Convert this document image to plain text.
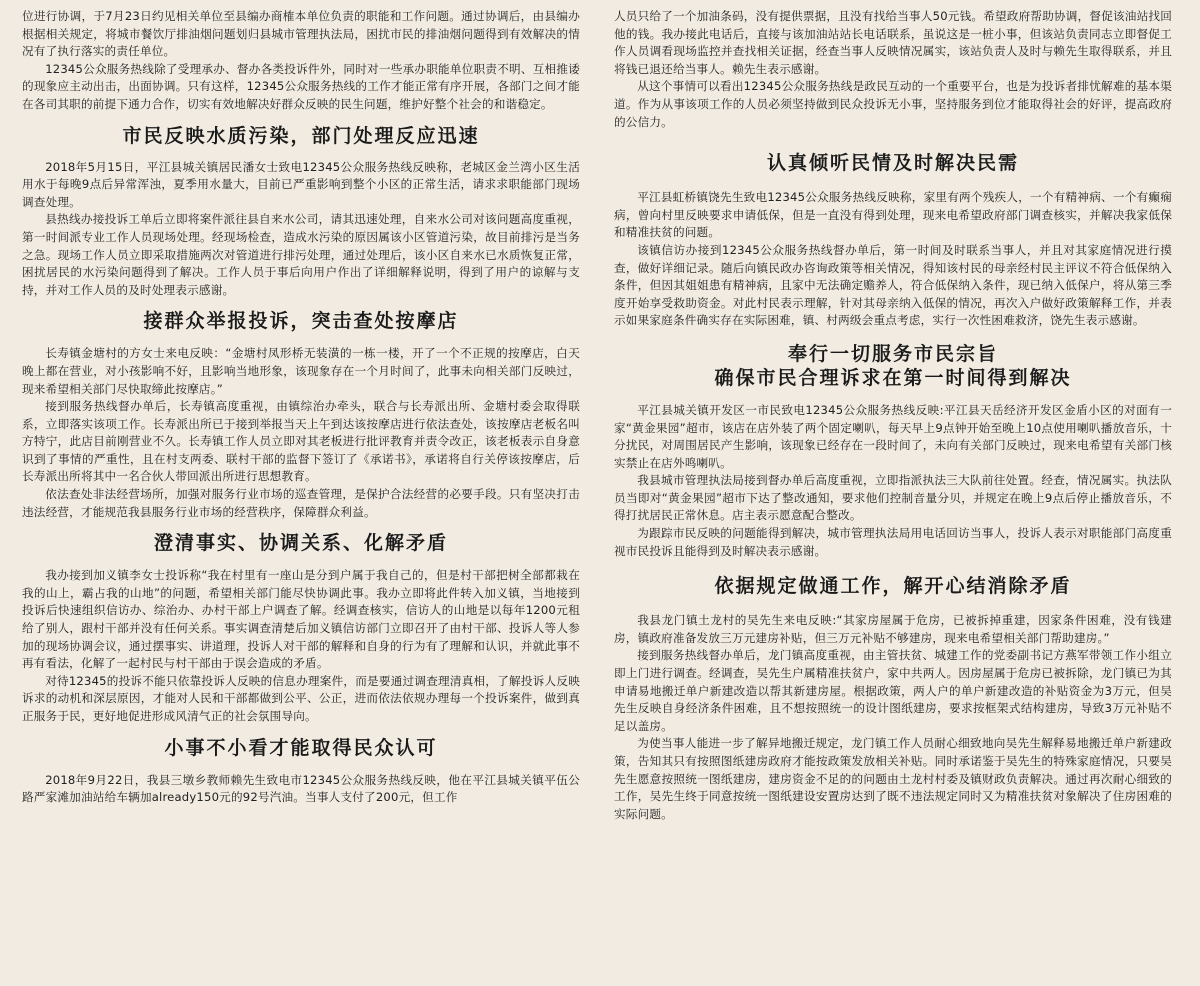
位进行协调，于7月23日约见相关单位至县编办商榷本单位负责的职能和工作问题。通过协调后，由县编办根据相关规定，将城市餐饮厅排油烟问题划归县城市管理执法局，困扰市民的排油烟问题得到有效解决的情况有了执行落实的责任单位。

12345公众服务热线除了受理承办、督办各类投诉件外，同时对一些承办职能单位职责不明、互相推诿的现象应主动出击，出面协调。只有这样，12345公众服务热线的工作才能正常有序开展，各部门之间才能在各司其职的前提下通力合作，切实有效地解决好群众反映的民生问题，维护好整个社会的和谐稳定。

市民反映水质污染，部门处理反应迅速

2018年5月15日，平江县城关镇居民潘女士致电12345公众服务热线反映称，老城区金兰湾小区生活用水于每晚9点后异常浑浊，夏季用水量大，目前已严重影响到整个小区的正常生活，请求求职能部门现场调查处理。

县热线办接投诉工单后立即将案件派往县自来水公司，请其迅速处理，自来水公司对该问题高度重视，第一时间派专业工作人员现场处理。经现场检查，造成水污染的原因属该小区管道污染，故目前排污是当务之急。现场工作人员立即采取措施两次对管道进行排污处理，通过处理后，该小区自来水已水质恢复正常，困扰居民的水污染问题得到了解决。工作人员于事后向用户作出了详细解释说明，得到了用户的谅解与支持，并对工作人员的及时处理表示感谢。

接群众举报投诉，突击查处按摩店

长寿镇金塘村的方女士来电反映：“金塘村凤形桥无装潢的一栋一楼，开了一个不正规的按摩店，白天晚上都在营业，对小孩影响不好，且影响当地形象，该现象存在一个月时间了，此事未向相关部门反映过，现来希望相关部门尽快取缔此按摩店。”

接到服务热线督办单后，长寿镇高度重视，由镇综治办牵头，联合与长寿派出所、金塘村委会取得联系，立即落实该项工作。长寿派出所已于接到举报当天上午到达该按摩店进行依法查处，该按摩店老板名叫方特宁，此店目前刚营业不久。长寿镇工作人员立即对其老板进行批评教育并责令改正，该老板表示自身意识到了事情的严重性，且在村支两委、联村干部的监督下签订了《承诺书》，承诺将自行关停该按摩店，后长寿派出所将其中一名合伙人带回派出所进行思想教育。

依法查处非法经营场所，加强对服务行业市场的巡查管理，是保护合法经营的必要手段。只有坚决打击违法经营，才能规范我县服务行业市场的经营秩序，保障群众利益。

澄清事实、协调关系、化解矛盾

我办接到加义镇李女士投诉称“我在村里有一座山是分到户属于我自己的，但是村干部把树全部都栽在我的山上，霸占我的山地”的问题，希望相关部门能尽快协调此事。我办立即将此件转入加义镇，当地接到投诉后快速组织信访办、综治办、办村干部上户调查了解。经调查核实，信访人的山地是以每年1200元租给了别人，跟村干部并没有任何关系。事实调查清楚后加义镇信访部门立即召开了由村干部、投诉人等人参加的现场协调会议，通过摆事实、讲道理，投诉人对干部的解释和自身的行为有了理解和认识，并就此事不再有看法，化解了一起村民与村干部由于误会造成的矛盾。

对待12345的投诉不能只依靠投诉人反映的信息办理案件，而是要通过调查理清真相，了解投诉人反映诉求的动机和深层原因，才能对人民和干部都做到公平、公正，进而依法依规办理每一个投诉案件，做到真正服务于民，更好地促进形成风清气正的社会氛围导向。

小事不小看才能取得民众认可

2018年9月22日，我县三墩乡教师赖先生致电市12345公众服务热线反映，他在平江县城关镇平伍公路严家滩加油站给车辆加already150元的92号汽油。当事人支付了200元，但工作

人员只给了一个加油条码，没有提供票据，且没有找给当事人50元钱。希望政府帮助协调，督促该油站找回他的钱。我办接此电话后，直接与该加油站站长电话联系，虽说这是一桩小事，但该站负责同志立即督促工作人员调看现场监控并查找相关证据，经查当事人反映情况属实，该站负责人及时与赖先生取得联系，并且将钱已退还给当事人。赖先生表示感谢。

从这个事情可以看出12345公众服务热线是政民互动的一个重要平台，也是为投诉者排忧解难的基本渠道。作为从事该项工作的人员必须坚持做到民众投诉无小事，坚持服务到位才能取得社会的好评，提高政府的公信力。

认真倾听民情及时解决民需

平江县虹桥镇饶先生致电12345公众服务热线反映称，家里有两个残疾人，一个有精神病、一个有癫痫病，曾向村里反映要求申请低保，但是一直没有得到处理，现来电希望政府部门调查核实，并解决我家低保和精准扶贫的问题。

该镇信访办接到12345公众服务热线督办单后，第一时间及时联系当事人，并且对其家庭情况进行摸查，做好详细记录。随后向镇民政办咨询政策等相关情况，得知该村民的母亲经村民主评议不符合低保纳入条件，但因其姐姐患有精神病，且家中无法确定赡养人，符合低保纳入条件，现已纳入低保户，将从第三季度开始享受救助资金。对此村民表示理解，针对其母亲纳入低保的情况，再次入户做好政策解释工作，并表示如果家庭条件确实存在实际困难，镇、村两级会重点考虑，实行一次性困难救济，饶先生表示感谢。

奉行一切服务市民宗旨
确保市民合理诉求在第一时间得到解决

平江县城关镇开发区一市民致电12345公众服务热线反映:平江县天岳经济开发区金盾小区的对面有一家“黄金果园”超市，该店在店外装了两个固定喇叭，每天早上9点钟开始至晚上10点使用喇叭播放音乐，十分扰民，对周围居民产生影响，该现象已经存在一段时间了，未向有关部门反映过，现来电希望有关部门核实禁止在店外鸣喇叭。

我县城市管理执法局接到督办单后高度重视，立即指派执法三大队前往处置。经查，情况属实。执法队员当即对“黄金果园”超市下达了整改通知，要求他们控制音量分贝，并规定在晚上9点后停止播放音乐，不得打扰居民正常休息。店主表示愿意配合整改。

为跟踪市民反映的问题能得到解决，城市管理执法局用电话回访当事人，投诉人表示对职能部门高度重视市民投诉且能得到及时解决表示感谢。

依据规定做通工作，解开心结消除矛盾

我县龙门镇土龙村的吴先生来电反映:“其家房屋属于危房，已被拆掉重建，因家条件困难，没有钱建房，镇政府准备发放三万元建房补贴，但三万元补贴不够建房，现来电希望相关部门帮助建房。”

接到服务热线督办单后，龙门镇高度重视，由主管扶贫、城建工作的党委副书记方燕军带领工作小组立即上门进行调查。经调查，吴先生户属精准扶贫户，家中共两人。因房屋属于危房已被拆除，龙门镇已为其申请易地搬迁单户新建改造以帮其新建房屋。根据政策，两人户的单户新建改造的补贴资金为3万元，但吴先生反映自身经济条件困难，且不想按照统一的设计图纸建房，要求按框架式结构建房，导致3万元补贴不足以盖房。

为使当事人能进一步了解异地搬迁规定，龙门镇工作人员耐心细致地向吴先生解释易地搬迁单户新建政策，告知其只有按照图纸建房政府才能按政策发放相关补贴。同时承诺鉴于吴先生的特殊家庭情况，只要吴先生愿意按照统一图纸建房，建房资金不足的的问题由土龙村村委及镇财政负责解决。通过再次耐心细致的工作，吴先生终于同意按统一图纸建设安置房达到了既不违法规定同时又为精准扶贫对象解决了住房困难的实际问题。
